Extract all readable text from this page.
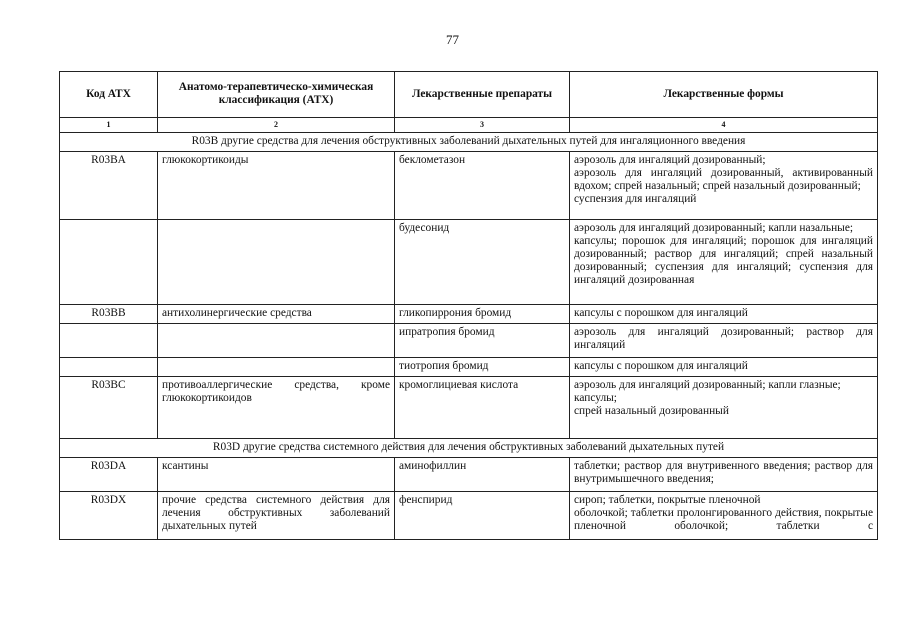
77
Код АТХ	Анатомо-терапевтическо-химическая классификация (АТХ)	Лекарственные препараты	Лекарственные формы
1	2	3	4
R03B другие средства для лечения обструктивных заболеваний дыхательных путей для ингаляционного введения			
R03BA	глюкокортикоиды	беклометазон	аэрозоль для ингаляций дозированный;
аэрозоль для ингаляций дозированный, активированный вдохом; спрей назальный; спрей назальный дозированный;
суспензия для ингаляций

		будесонид	аэрозоль для ингаляций дозированный; капли назальные;
капсулы; порошок для ингаляций; порошок для ингаляций дозированный; раствор для ингаляций; спрей назальный дозированный; суспензия для ингаляций; суспензия для ингаляций дозированная

R03BB	антихолинергические средства	гликопиррония бромид	капсулы с порошком для ингаляций

		ипратропия бромид	аэрозоль для ингаляций дозированный; раствор для ингаляций

		тиотропия бромид	капсулы с порошком для ингаляций

R03BC	противоаллергические средства, кроме глюкокортикоидов	кромоглициевая кислота	аэрозоль для ингаляций дозированный; капли глазные;
капсулы;
спрей назальный дозированный

R03D другие средства системного действия для лечения обструктивных заболеваний дыхательных путей			
R03DA	ксантины	аминофиллин	таблетки; раствор для внутривенного введения; раствор для внутримышечного введения;

R03DX	прочие средства системного действия для лечения обструктивных заболеваний дыхательных путей	фенспирид	сироп; таблетки, покрытые пленочной
оболочкой; таблетки пролонгированного действия, покрытые пленочной оболочкой; таблетки с
